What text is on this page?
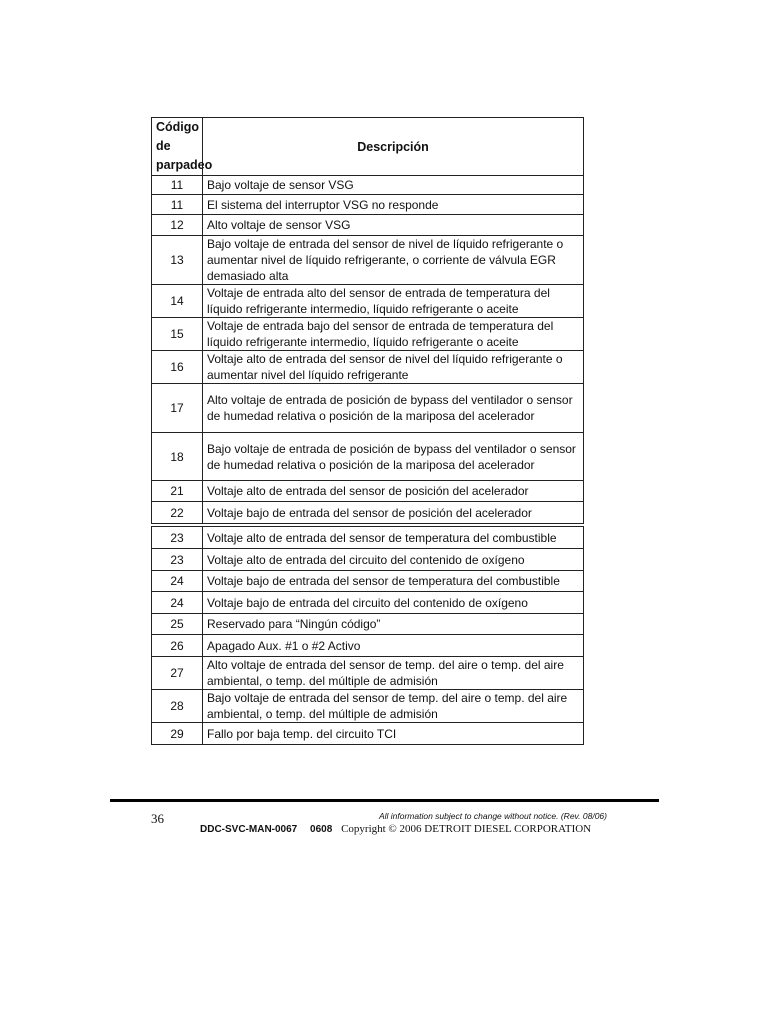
Código
de
parpadeo	Descripción
11	Bajo voltaje de sensor VSG
11	El sistema del interruptor VSG no responde
12	Alto voltaje de sensor VSG
13	Bajo voltaje de entrada del sensor de nivel de líquido refrigerante o aumentar nivel de líquido refrigerante, o corriente de válvula EGR demasiado alta
14	Voltaje de entrada alto del sensor de entrada de temperatura del líquido refrigerante intermedio, líquido refrigerante o aceite
15	Voltaje de entrada bajo del sensor de entrada de temperatura del líquido refrigerante intermedio, líquido refrigerante o aceite
16	Voltaje alto de entrada del sensor de nivel del líquido refrigerante o aumentar nivel del líquido refrigerante
17	Alto voltaje de entrada de posición de bypass del ventilador o sensor de humedad relativa o posición de la mariposa del acelerador
18	Bajo voltaje de entrada de posición de bypass del ventilador o sensor de humedad relativa o posición de la mariposa del acelerador
21	Voltaje alto de entrada del sensor de posición del acelerador
22	Voltaje bajo de entrada del sensor de posición del acelerador
23	Voltaje alto de entrada del sensor de temperatura del combustible
23	Voltaje alto de entrada del circuito del contenido de oxígeno
24	Voltaje bajo de entrada del sensor de temperatura del combustible
24	Voltaje bajo de entrada del circuito del contenido de oxígeno
25	Reservado para “Ningún código”
26	Apagado Aux. #1 o #2 Activo
27	Alto voltaje de entrada del sensor de temp. del aire o temp. del aire ambiental, o temp. del múltiple de admisión
28	Bajo voltaje de entrada del sensor de temp. del aire o temp. del aire ambiental, o temp. del múltiple de admisión
29	Fallo por baja temp. del circuito TCI
36	All information subject to change without notice. (Rev. 08/06)
DDC-SVC-MAN-0067 0608 Copyright © 2006 DETROIT DIESEL CORPORATION
